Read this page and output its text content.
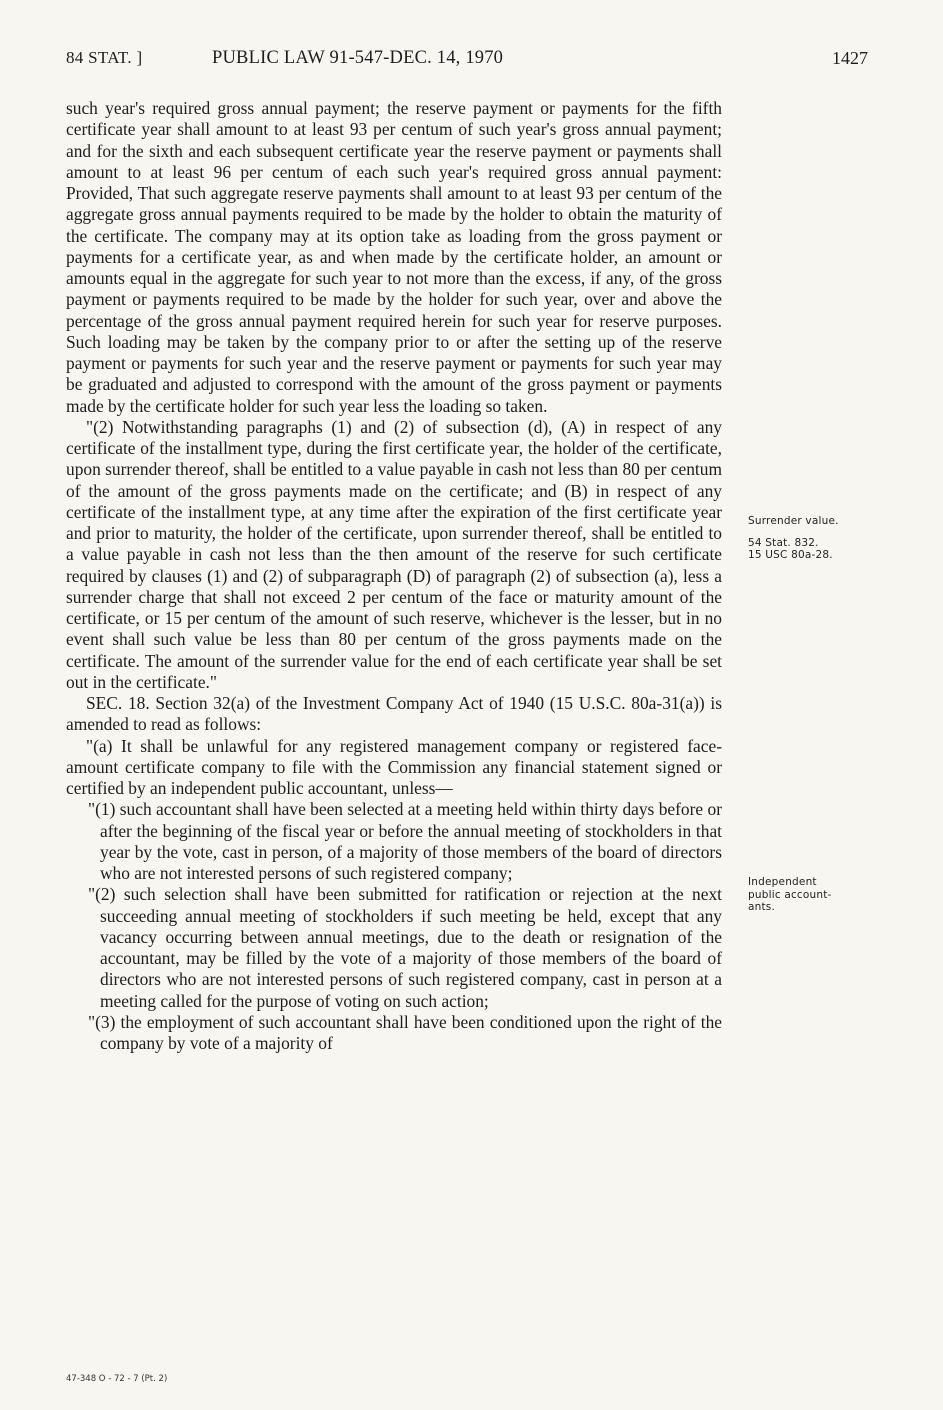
84 STAT. ]	PUBLIC LAW 91-547-DEC. 14, 1970	1427

such year's required gross annual payment; the reserve payment or payments for the fifth certificate year shall amount to at least 93 per centum of such year's gross annual payment; and for the sixth and each subsequent certificate year the reserve payment or payments shall amount to at least 96 per centum of each such year's required gross annual payment: Provided, That such aggregate reserve payments shall amount to at least 93 per centum of the aggregate gross annual payments required to be made by the holder to obtain the maturity of the certificate. The company may at its option take as loading from the gross payment or payments for a certificate year, as and when made by the certificate holder, an amount or amounts equal in the aggregate for such year to not more than the excess, if any, of the gross payment or payments required to be made by the holder for such year, over and above the percentage of the gross annual payment required herein for such year for reserve purposes. Such loading may be taken by the company prior to or after the setting up of the reserve payment or payments for such year and the reserve payment or payments for such year may be graduated and adjusted to correspond with the amount of the gross payment or payments made by the certificate holder for such year less the loading so taken.

"(2) Notwithstanding paragraphs (1) and (2) of subsection (d), (A) in respect of any certificate of the installment type, during the first certificate year, the holder of the certificate, upon surrender thereof, shall be entitled to a value payable in cash not less than 80 per centum of the amount of the gross payments made on the certificate; and (B) in respect of any certificate of the installment type, at any time after the expiration of the first certificate year and prior to maturity, the holder of the certificate, upon surrender thereof, shall be entitled to a value payable in cash not less than the then amount of the reserve for such certificate required by clauses (1) and (2) of subparagraph (D) of paragraph (2) of subsection (a), less a surrender charge that shall not exceed 2 per centum of the face or maturity amount of the certificate, or 15 per centum of the amount of such reserve, whichever is the lesser, but in no event shall such value be less than 80 per centum of the gross payments made on the certificate. The amount of the surrender value for the end of each certificate year shall be set out in the certificate."

SEC. 18. Section 32(a) of the Investment Company Act of 1940 (15 U.S.C. 80a-31(a)) is amended to read as follows:

"(a) It shall be unlawful for any registered management company or registered face-amount certificate company to file with the Commission any financial statement signed or certified by an independent public accountant, unless—

"(1) such accountant shall have been selected at a meeting held within thirty days before or after the beginning of the fiscal year or before the annual meeting of stockholders in that year by the vote, cast in person, of a majority of those members of the board of directors who are not interested persons of such registered company;

"(2) such selection shall have been submitted for ratification or rejection at the next succeeding annual meeting of stockholders if such meeting be held, except that any vacancy occurring between annual meetings, due to the death or resignation of the accountant, may be filled by the vote of a majority of those members of the board of directors who are not interested persons of such registered company, cast in person at a meeting called for the purpose of voting on such action;

"(3) the employment of such accountant shall have been conditioned upon the right of the company by vote of a majority of

Surrender value.
54 Stat. 832.
15 USC 80a-28.
Independent
public account-
ants.
47-348 O - 72 - 7 (Pt. 2)
